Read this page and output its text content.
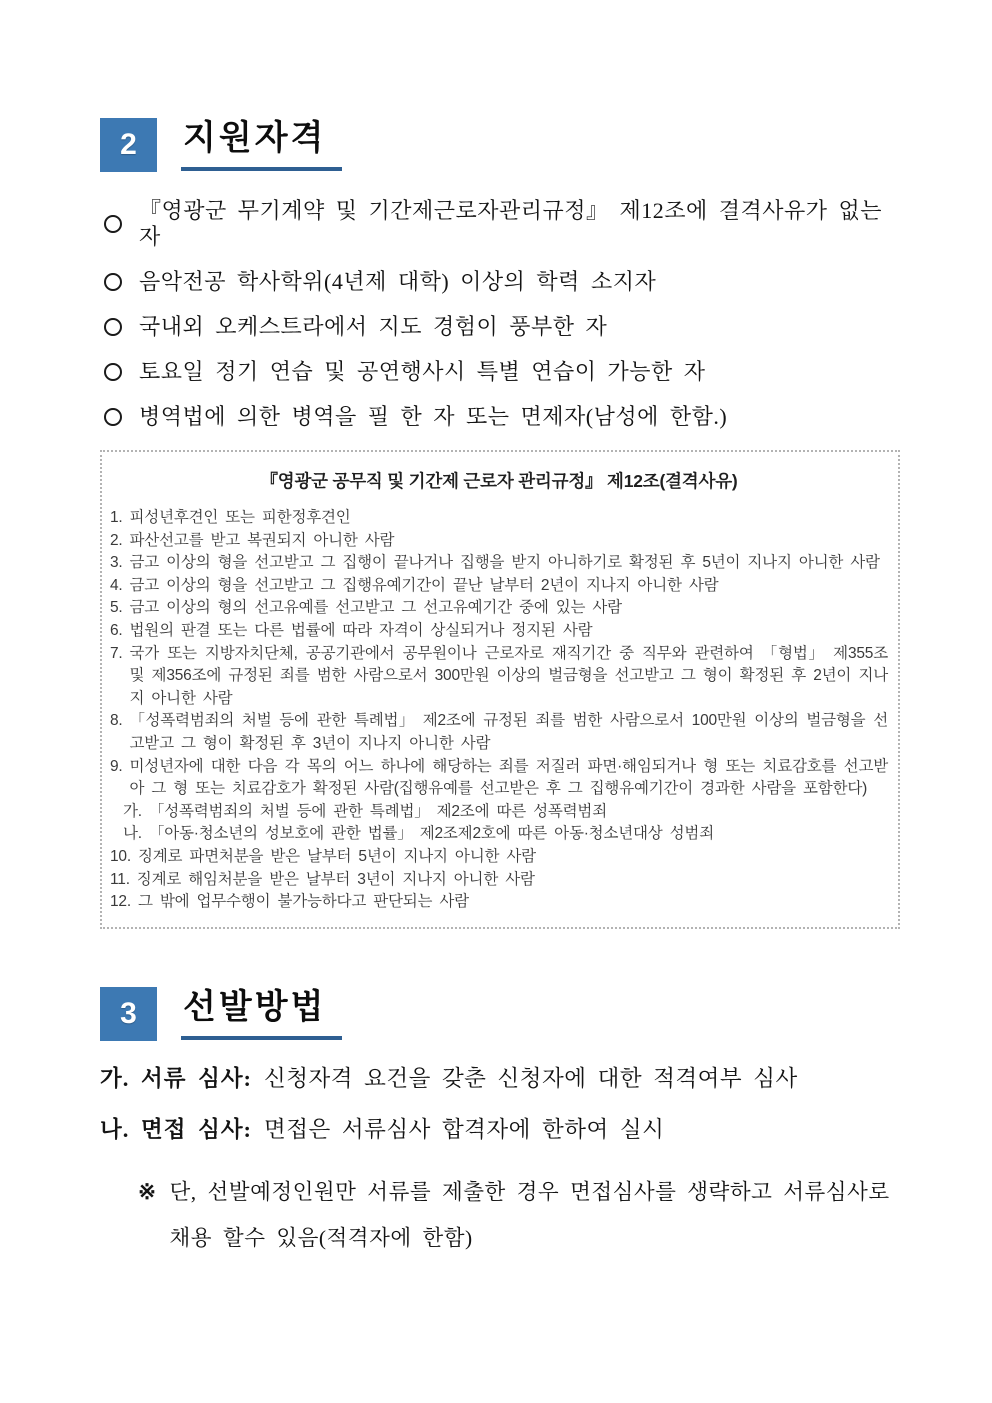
2	지원자격
『영광군 무기계약 및 기간제근로자관리규정』 제12조에 결격사유가 없는 자
음악전공 학사학위(4년제 대학) 이상의 학력 소지자
국내외 오케스트라에서 지도 경험이 풍부한 자
토요일 정기 연습 및 공연행사시 특별 연습이 가능한 자
병역법에 의한 병역을 필 한 자 또는 면제자(남성에 한함.)
『영광군 공무직 및 기간제 근로자 관리규정』 제12조(결격사유)
1. 피성년후견인 또는 피한정후견인
2. 파산선고를 받고 복권되지 아니한 사람
3. 금고 이상의 형을 선고받고 그 집행이 끝나거나 집행을 받지 아니하기로 확정된 후 5년이 지나지 아니한 사람
4. 금고 이상의 형을 선고받고 그 집행유예기간이 끝난 날부터 2년이 지나지 아니한 사람
5. 금고 이상의 형의 선고유예를 선고받고 그 선고유예기간 중에 있는 사람
6. 법원의 판결 또는 다른 법률에 따라 자격이 상실되거나 정지된 사람
7. 국가 또는 지방자치단체, 공공기관에서 공무원이나 근로자로 재직기간 중 직무와 관련하여 「형법」 제355조 및 제356조에 규정된 죄를 범한 사람으로서 300만원 이상의 벌금형을 선고받고 그 형이 확정된 후 2년이 지나지 아니한 사람
8. 「성폭력범죄의 처벌 등에 관한 특례법」 제2조에 규정된 죄를 범한 사람으로서 100만원 이상의 벌금형을 선고받고 그 형이 확정된 후 3년이 지나지 아니한 사람
9. 미성년자에 대한 다음 각 목의 어느 하나에 해당하는 죄를 저질러 파면·해임되거나 형 또는 치료감호를 선고받아 그 형 또는 치료감호가 확정된 사람(집행유예를 선고받은 후 그 집행유예기간이 경과한 사람을 포함한다)
가. 「성폭력범죄의 처벌 등에 관한 특례법」 제2조에 따른 성폭력범죄
나. 「아동·청소년의 성보호에 관한 법률」 제2조제2호에 따른 아동·청소년대상 성범죄
10. 징계로 파면처분을 받은 날부터 5년이 지나지 아니한 사람
11. 징계로 해임처분을 받은 날부터 3년이 지나지 아니한 사람
12. 그 밖에 업무수행이 불가능하다고 판단되는 사람
3	선발방법
가. 서류 심사: 신청자격 요건을 갖춘 신청자에 대한 적격여부 심사
나. 면접 심사: 면접은 서류심사 합격자에 한하여 실시
※ 단, 선발예정인원만 서류를 제출한 경우 면접심사를 생략하고 서류심사로 채용 할수 있음(적격자에 한함)
